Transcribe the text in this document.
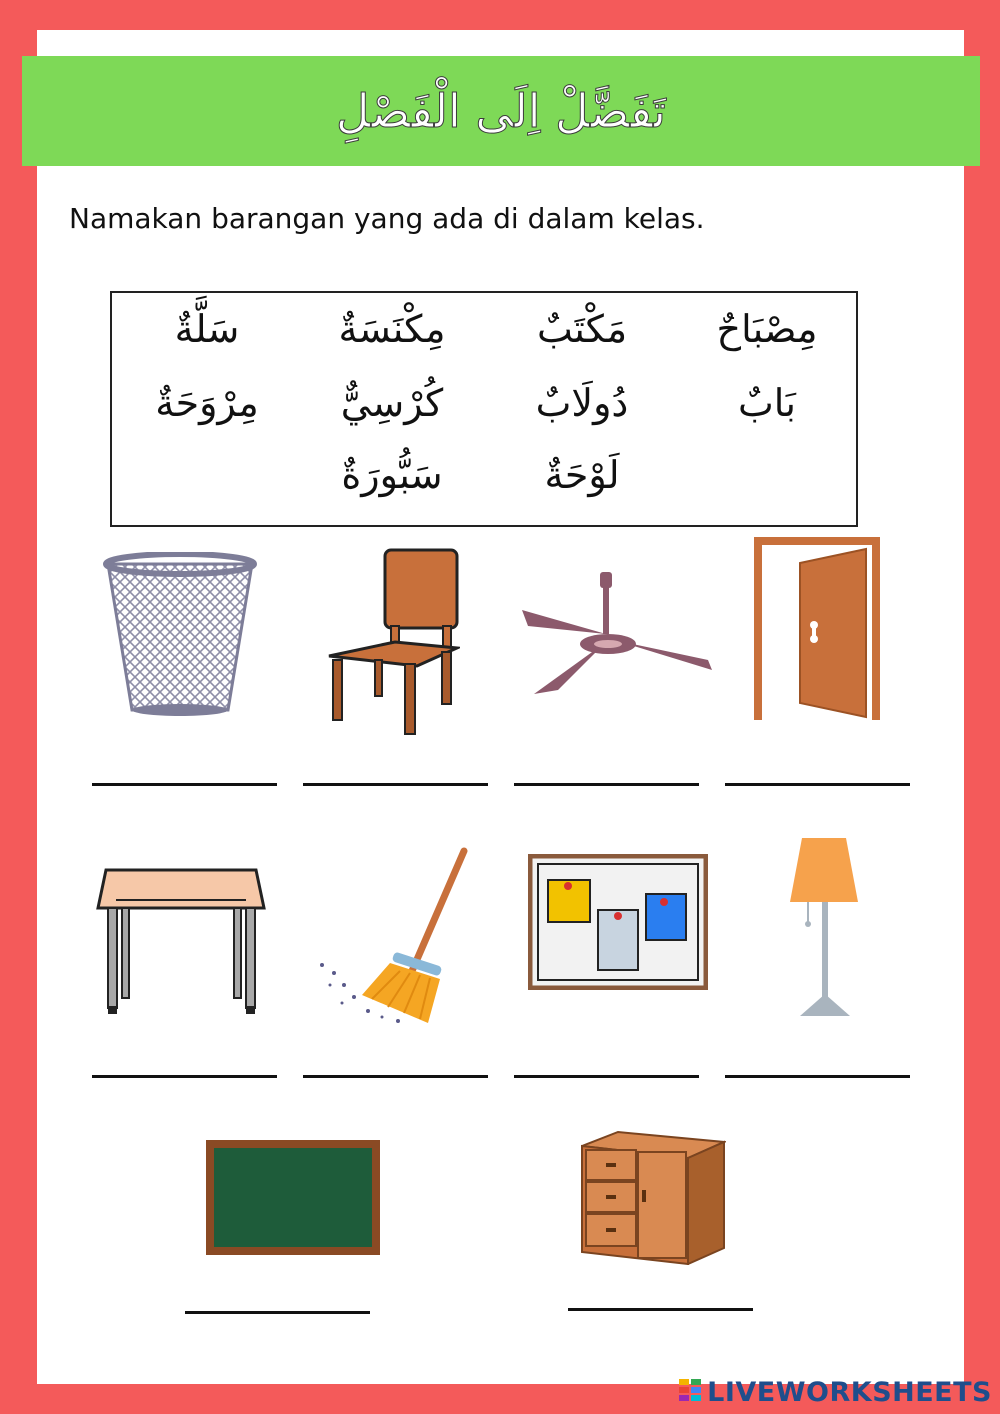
تَفَضَّلْ اِلَى الْفَصْلِ
Namakan barangan yang ada di dalam kelas.
مِصْبَاحٌ
مَكْتَبٌ
مِكْنَسَةٌ
سَلَّةٌ
بَابٌ
دُولَابٌ
كُرْسِيٌّ
مِرْوَحَةٌ
لَوْحَةٌ
سَبُّورَةٌ
LIVEWORKSHEETS
